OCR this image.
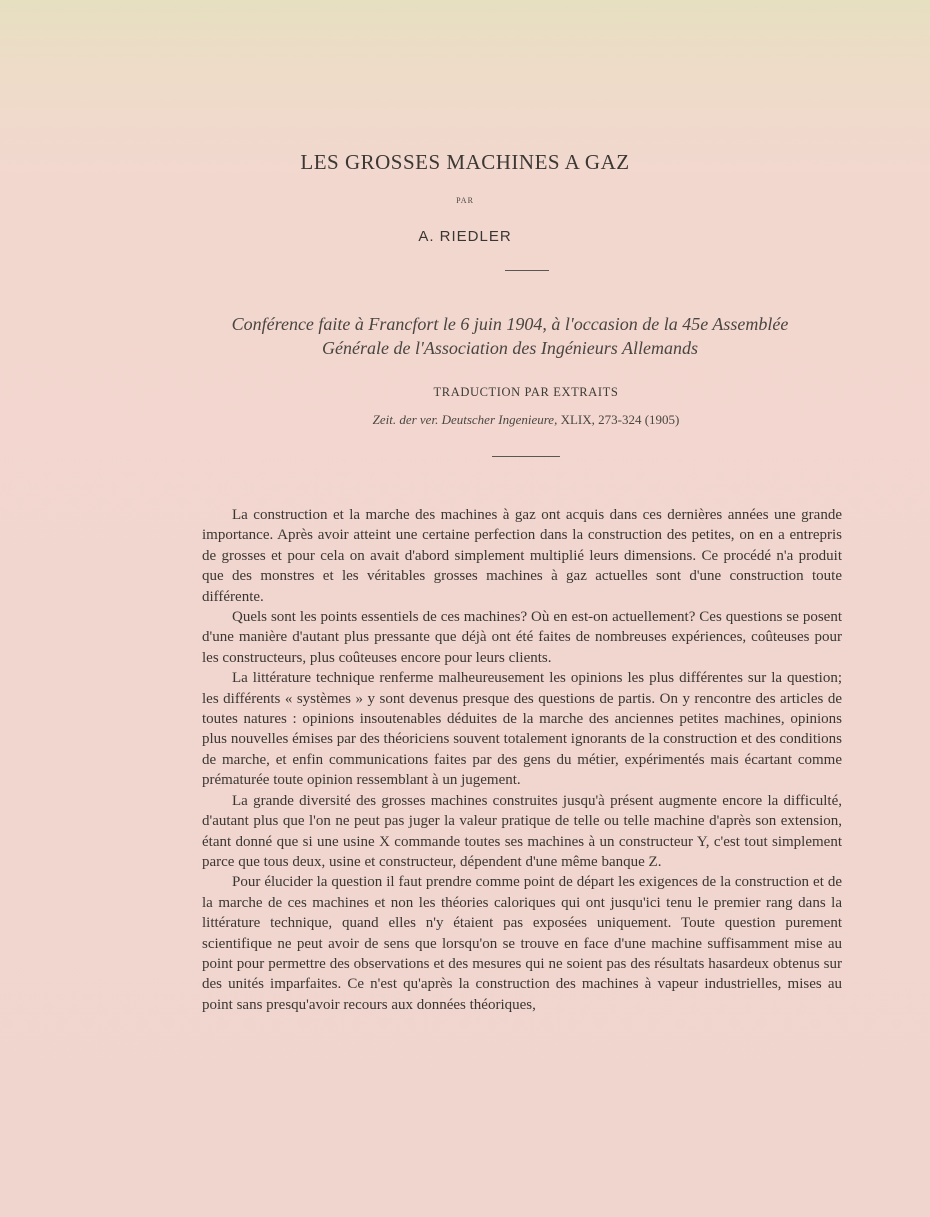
LES GROSSES MACHINES A GAZ
PAR
A. RIEDLER
Conférence faite à Francfort le 6 juin 1904, à l'occasion de la 45e Assemblée
Générale de l'Association des Ingénieurs Allemands
TRADUCTION PAR EXTRAITS
Zeit. der ver. Deutscher Ingenieure, XLIX, 273-324 (1905)

La construction et la marche des machines à gaz ont acquis dans ces dernières années une grande importance. Après avoir atteint une certaine perfection dans la construction des petites, on en a entrepris de grosses et pour cela on avait d'abord simplement multiplié leurs dimensions. Ce procédé n'a produit que des monstres et les véritables grosses machines à gaz actuelles sont d'une construction toute différente.

Quels sont les points essentiels de ces machines? Où en est-on actuellement? Ces questions se posent d'une manière d'autant plus pressante que déjà ont été faites de nombreuses expériences, coûteuses pour les constructeurs, plus coûteuses encore pour leurs clients.

La littérature technique renferme malheureusement les opinions les plus différentes sur la question; les différents « systèmes » y sont devenus presque des questions de partis. On y rencontre des articles de toutes natures : opinions insoutenables déduites de la marche des anciennes petites machines, opinions plus nouvelles émises par des théoriciens souvent totalement ignorants de la construction et des conditions de marche, et enfin communications faites par des gens du métier, expérimentés mais écartant comme prématurée toute opinion ressemblant à un jugement.

La grande diversité des grosses machines construites jusqu'à présent augmente encore la difficulté, d'autant plus que l'on ne peut pas juger la valeur pratique de telle ou telle machine d'après son extension, étant donné que si une usine X commande toutes ses machines à un constructeur Y, c'est tout simplement parce que tous deux, usine et constructeur, dépendent d'une même banque Z.

Pour élucider la question il faut prendre comme point de départ les exigences de la construction et de la marche de ces machines et non les théories caloriques qui ont jusqu'ici tenu le premier rang dans la littérature technique, quand elles n'y étaient pas exposées uniquement. Toute question purement scientifique ne peut avoir de sens que lorsqu'on se trouve en face d'une machine suffisamment mise au point pour permettre des observations et des mesures qui ne soient pas des résultats hasardeux obtenus sur des unités imparfaites. Ce n'est qu'après la construction des machines à vapeur industrielles, mises au point sans presqu'avoir recours aux données théoriques,
